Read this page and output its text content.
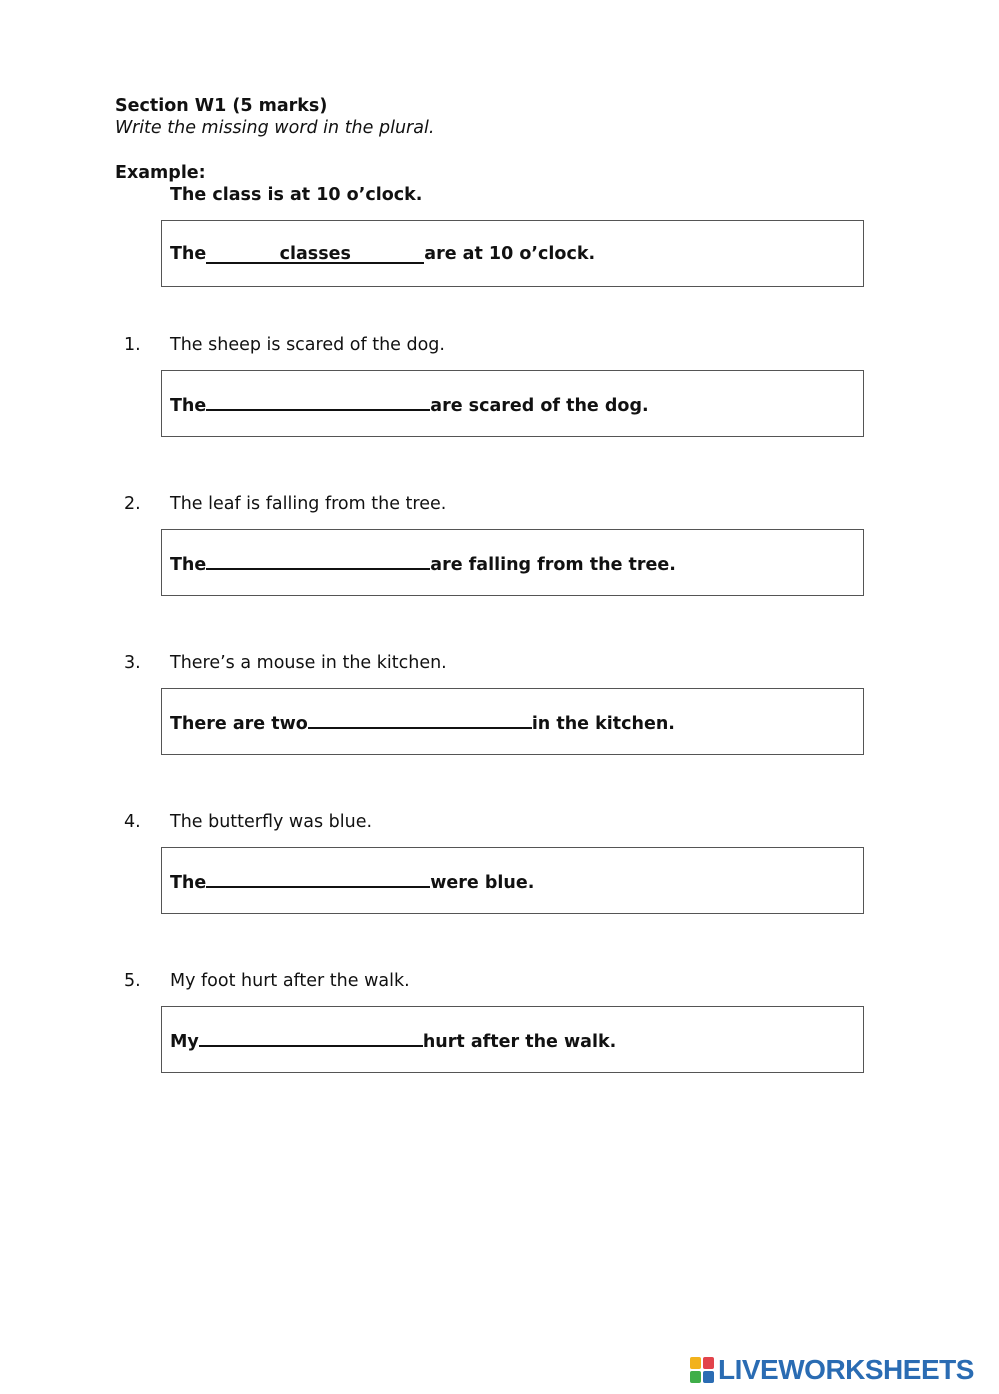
Section W1 (5 marks)
Write the missing word in the plural.
Example:
The class is at 10 o’clock.
The	classes	are at 10 o’clock.
1. The sheep is scared of the dog.
The	are scared of the dog.
2. The leaf is falling from the tree.
The	are falling from the tree.
3. There’s a mouse in the kitchen.
There are two	in the kitchen.
4. The butterfly was blue.
The	were blue.
5. My foot hurt after the walk.
My	hurt after the walk.
LIVEWORKSHEETS
